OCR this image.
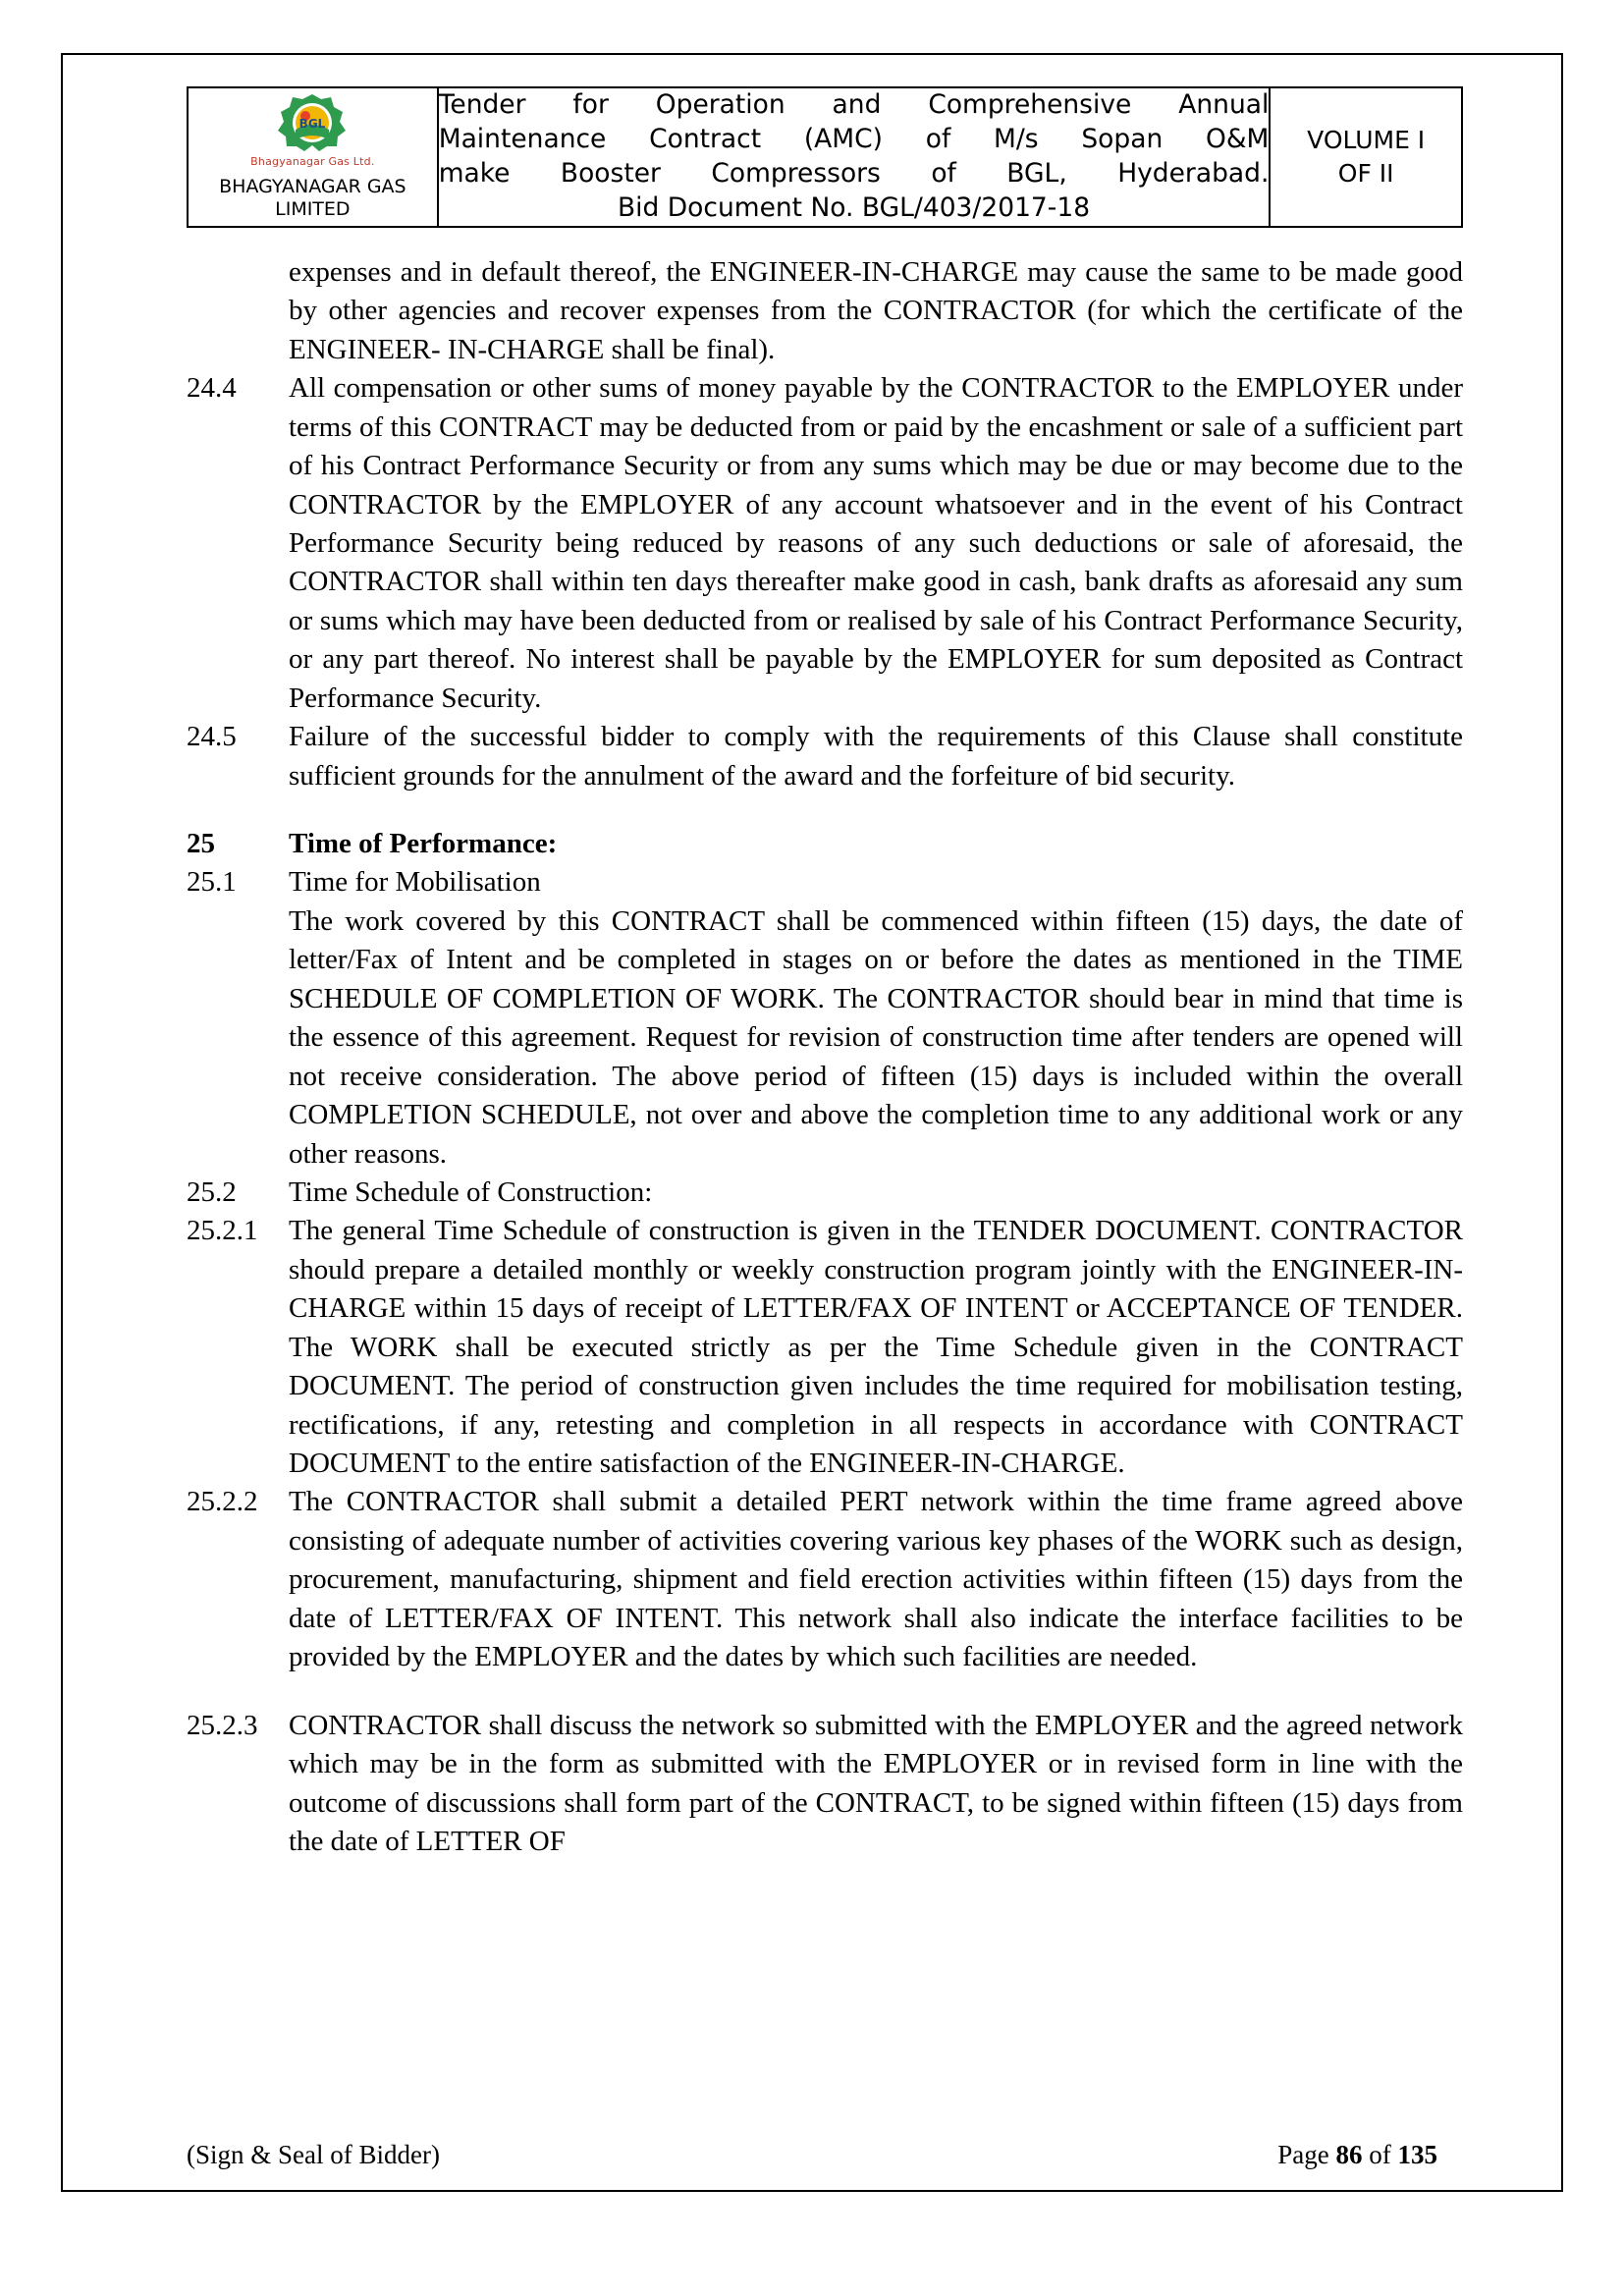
BGL
Bhagyanagar Gas Ltd.
BHAGYANAGAR GAS
LIMITED

Tender for Operation and Comprehensive Annual
Maintenance Contract (AMC) of M/s Sopan O&M
make Booster Compressors of BGL, Hyderabad.
Bid Document No. BGL/403/2017-18

VOLUME I
OF II
expenses and in default thereof, the ENGINEER-IN-CHARGE may cause the same to be made good by other agencies and recover expenses from the CONTRACTOR (for which the certificate of the ENGINEER- IN-CHARGE shall be final).
24.4	All compensation or other sums of money payable by the CONTRACTOR to the EMPLOYER under terms of this CONTRACT may be deducted from or paid by the encashment or sale of a sufficient part of his Contract Performance Security or from any sums which may be due or may become due to the CONTRACTOR by the EMPLOYER of any account whatsoever and in the event of his Contract Performance Security being reduced by reasons of any such deductions or sale of aforesaid, the CONTRACTOR shall within ten days thereafter make good in cash, bank drafts as aforesaid any sum or sums which may have been deducted from or realised by sale of his Contract Performance Security, or any part thereof. No interest shall be payable by the EMPLOYER for sum deposited as Contract Performance Security.
24.5	Failure of the successful bidder to comply with the requirements of this Clause shall constitute sufficient grounds for the annulment of the award and the forfeiture of bid security.
25	Time of Performance:
25.1	Time for Mobilisation
The work covered by this CONTRACT shall be commenced within fifteen (15) days, the date of letter/Fax of Intent and be completed in stages on or before the dates as mentioned in the TIME SCHEDULE OF COMPLETION OF WORK. The CONTRACTOR should bear in mind that time is the essence of this agreement. Request for revision of construction time after tenders are opened will not receive consideration. The above period of fifteen (15) days is included within the overall COMPLETION SCHEDULE, not over and above the completion time to any additional work or any other reasons.
25.2	Time Schedule of Construction:
25.2.1	The general Time Schedule of construction is given in the TENDER DOCUMENT. CONTRACTOR should prepare a detailed monthly or weekly construction program jointly with the ENGINEER-IN-CHARGE within 15 days of receipt of LETTER/FAX OF INTENT or ACCEPTANCE OF TENDER. The WORK shall be executed strictly as per the Time Schedule given in the CONTRACT DOCUMENT. The period of construction given includes the time required for mobilisation testing, rectifications, if any, retesting and completion in all respects in accordance with CONTRACT DOCUMENT to the entire satisfaction of the ENGINEER-IN-CHARGE.
25.2.2	The CONTRACTOR shall submit a detailed PERT network within the time frame agreed above consisting of adequate number of activities covering various key phases of the WORK such as design, procurement, manufacturing, shipment and field erection activities within fifteen (15) days from the date of LETTER/FAX OF INTENT. This network shall also indicate the interface facilities to be provided by the EMPLOYER and the dates by which such facilities are needed.
25.2.3	CONTRACTOR shall discuss the network so submitted with the EMPLOYER and the agreed network which may be in the form as submitted with the EMPLOYER or in revised form in line with the outcome of discussions shall form part of the CONTRACT, to be signed within fifteen (15) days from the date of LETTER OF
(Sign & Seal of Bidder)	Page 86 of 135
